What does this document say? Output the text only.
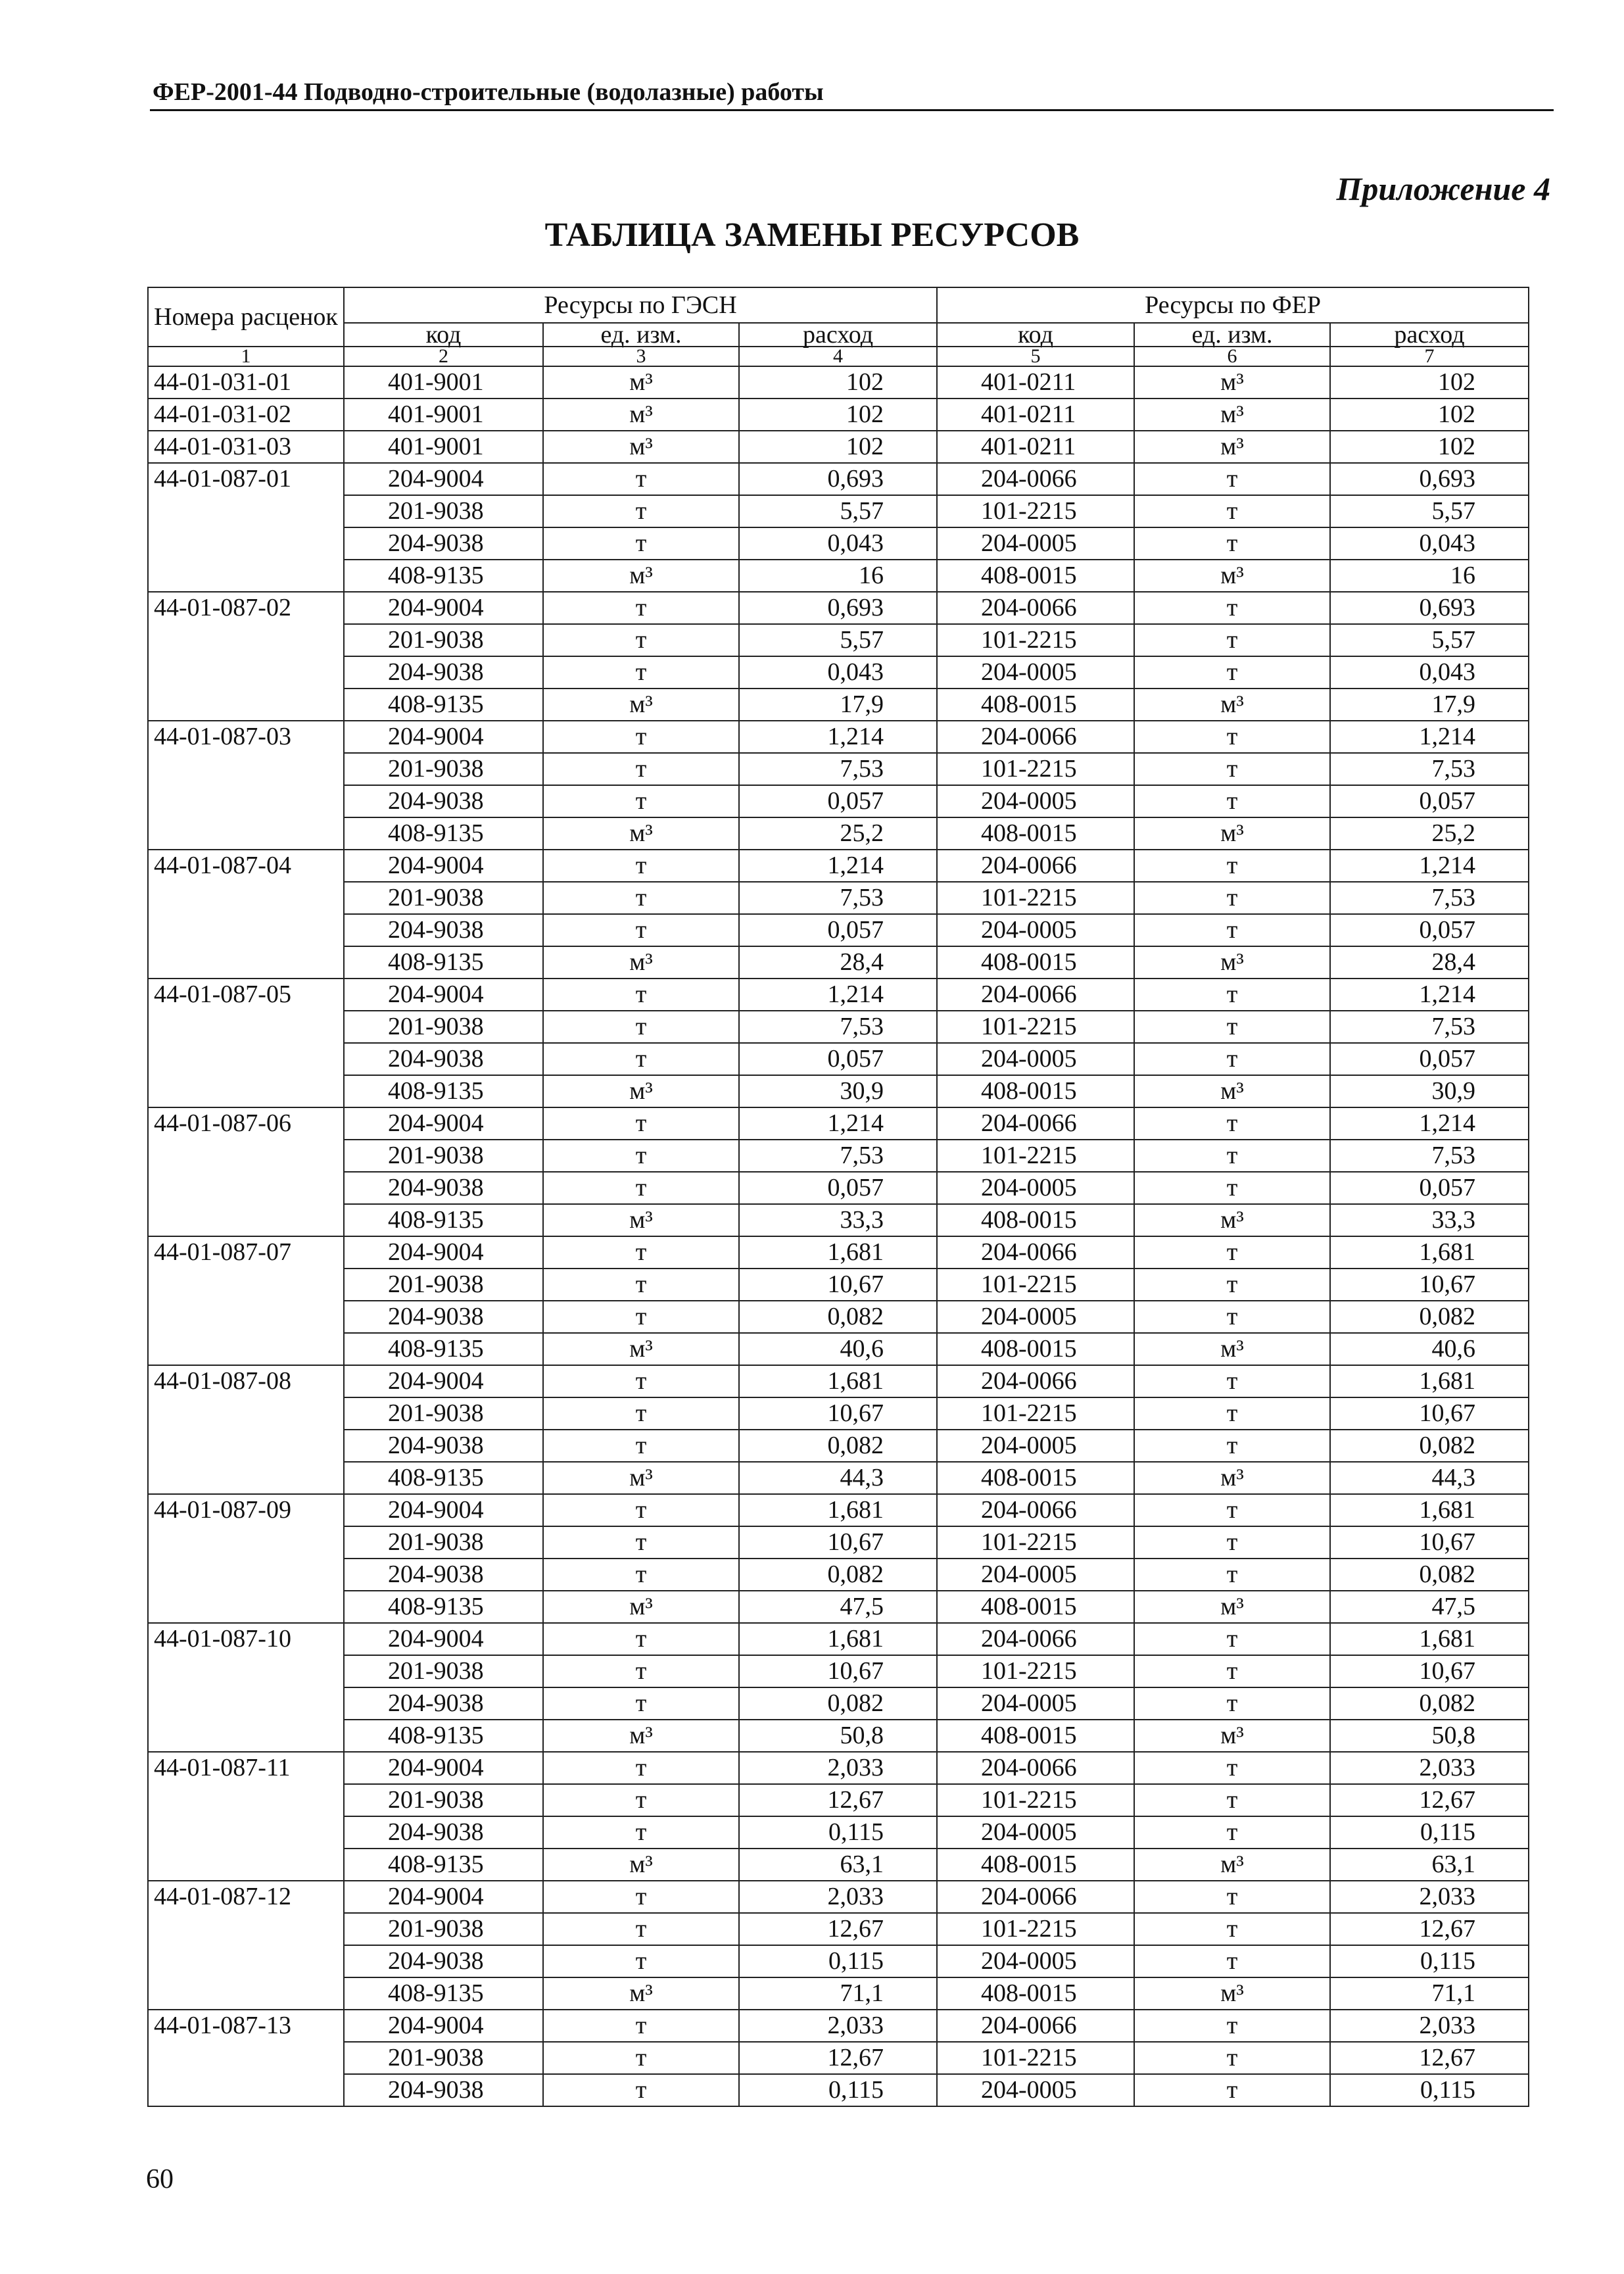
ФЕР-2001-44 Подводно-строительные (водолазные) работы
Приложение 4
ТАБЛИЦА ЗАМЕНЫ РЕСУРСОВ
Номера расценок	Ресурсы по ГЭСН			Ресурсы по ФЕР		
	код	ед. изм.	расход	код	ед. изм.	расход
1	2	3	4	5	6	7
44-01-031-01	401-9001	м³	102	401-0211	м³	102
44-01-031-02	401-9001	м³	102	401-0211	м³	102
44-01-031-03	401-9001	м³	102	401-0211	м³	102
44-01-087-01	204-9004	т	0,693	204-0066	т	0,693
	201-9038	т	5,57	101-2215	т	5,57
	204-9038	т	0,043	204-0005	т	0,043
	408-9135	м³	16	408-0015	м³	16
44-01-087-02	204-9004	т	0,693	204-0066	т	0,693
	201-9038	т	5,57	101-2215	т	5,57
	204-9038	т	0,043	204-0005	т	0,043
	408-9135	м³	17,9	408-0015	м³	17,9
44-01-087-03	204-9004	т	1,214	204-0066	т	1,214
	201-9038	т	7,53	101-2215	т	7,53
	204-9038	т	0,057	204-0005	т	0,057
	408-9135	м³	25,2	408-0015	м³	25,2
44-01-087-04	204-9004	т	1,214	204-0066	т	1,214
	201-9038	т	7,53	101-2215	т	7,53
	204-9038	т	0,057	204-0005	т	0,057
	408-9135	м³	28,4	408-0015	м³	28,4
44-01-087-05	204-9004	т	1,214	204-0066	т	1,214
	201-9038	т	7,53	101-2215	т	7,53
	204-9038	т	0,057	204-0005	т	0,057
	408-9135	м³	30,9	408-0015	м³	30,9
44-01-087-06	204-9004	т	1,214	204-0066	т	1,214
	201-9038	т	7,53	101-2215	т	7,53
	204-9038	т	0,057	204-0005	т	0,057
	408-9135	м³	33,3	408-0015	м³	33,3
44-01-087-07	204-9004	т	1,681	204-0066	т	1,681
	201-9038	т	10,67	101-2215	т	10,67
	204-9038	т	0,082	204-0005	т	0,082
	408-9135	м³	40,6	408-0015	м³	40,6
44-01-087-08	204-9004	т	1,681	204-0066	т	1,681
	201-9038	т	10,67	101-2215	т	10,67
	204-9038	т	0,082	204-0005	т	0,082
	408-9135	м³	44,3	408-0015	м³	44,3
44-01-087-09	204-9004	т	1,681	204-0066	т	1,681
	201-9038	т	10,67	101-2215	т	10,67
	204-9038	т	0,082	204-0005	т	0,082
	408-9135	м³	47,5	408-0015	м³	47,5
44-01-087-10	204-9004	т	1,681	204-0066	т	1,681
	201-9038	т	10,67	101-2215	т	10,67
	204-9038	т	0,082	204-0005	т	0,082
	408-9135	м³	50,8	408-0015	м³	50,8
44-01-087-11	204-9004	т	2,033	204-0066	т	2,033
	201-9038	т	12,67	101-2215	т	12,67
	204-9038	т	0,115	204-0005	т	0,115
	408-9135	м³	63,1	408-0015	м³	63,1
44-01-087-12	204-9004	т	2,033	204-0066	т	2,033
	201-9038	т	12,67	101-2215	т	12,67
	204-9038	т	0,115	204-0005	т	0,115
	408-9135	м³	71,1	408-0015	м³	71,1
44-01-087-13	204-9004	т	2,033	204-0066	т	2,033
	201-9038	т	12,67	101-2215	т	12,67
	204-9038	т	0,115	204-0005	т	0,115
60
